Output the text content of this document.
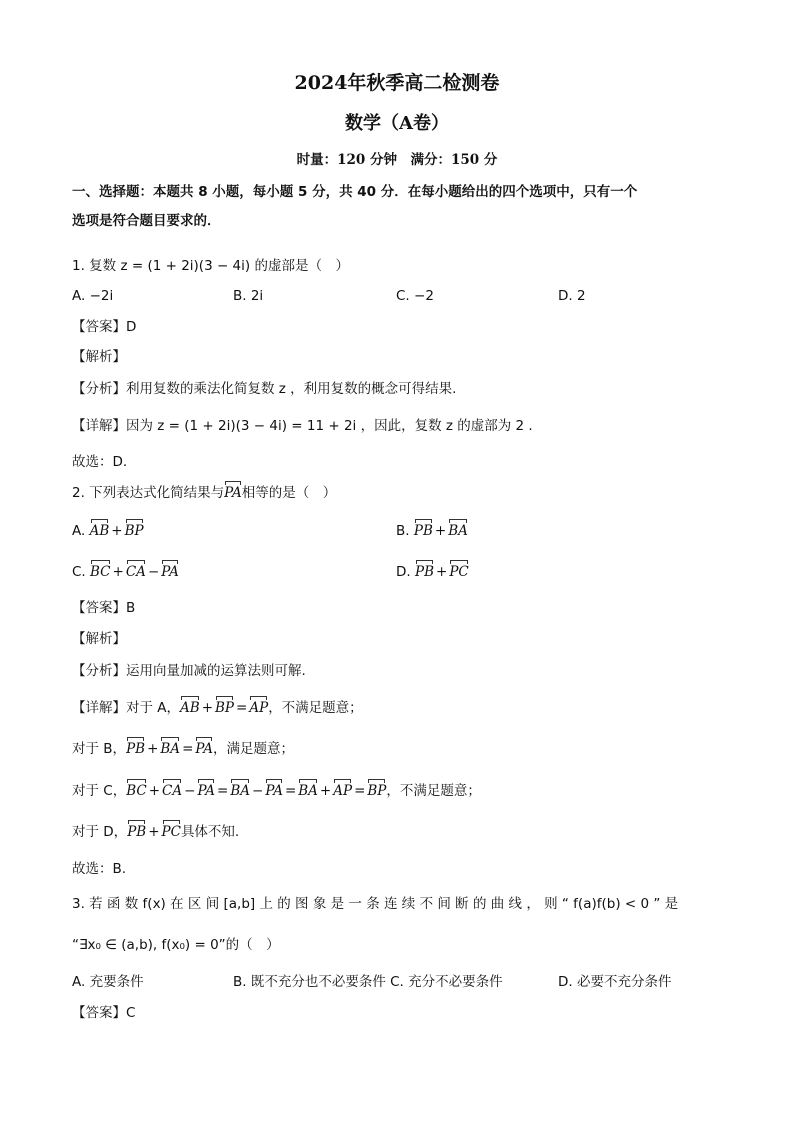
2024年秋季高二检测卷
数学（A卷）
时量：120 分钟　满分：150 分
一、选择题：本题共 8 小题，每小题 5 分，共 40 分．在每小题给出的四个选项中，只有一个
选项是符合题目要求的．
1. 复数 z = (1 + 2i)(3 − 4i) 的虚部是（　）
A. −2i	B. 2i	C. −2	D. 2
【答案】D
【解析】
【分析】利用复数的乘法化简复数 z ，利用复数的概念可得结果.
【详解】因为 z = (1 + 2i)(3 − 4i) = 11 + 2i ，因此，复数 z 的虚部为 2 .
故选：D.
2. 下列表达式化简结果与PA相等的是（　）
A. AB + BP	B. PB + BA
C. BC + CA − PA	D. PB + PC
【答案】B
【解析】
【分析】运用向量加减的运算法则可解.
【详解】对于 A，AB + BP = AP，不满足题意；
对于 B，PB + BA = PA，满足题意；
对于 C，BC + CA − PA = BA − PA = BA + AP = BP，不满足题意；
对于 D，PB + PC具体不知.
故选：B.
3. 若 函 数 f(x) 在 区 间 [a,b] 上 的 图 象 是 一 条 连 续 不 间 断 的 曲 线 ， 则 “ f(a)f(b) < 0 ” 是
“∃x₀ ∈ (a,b), f(x₀) = 0”的（　）
A. 充要条件	B. 既不充分也不必要条件 C. 充分不必要条件	D. 必要不充分条件
【答案】C
